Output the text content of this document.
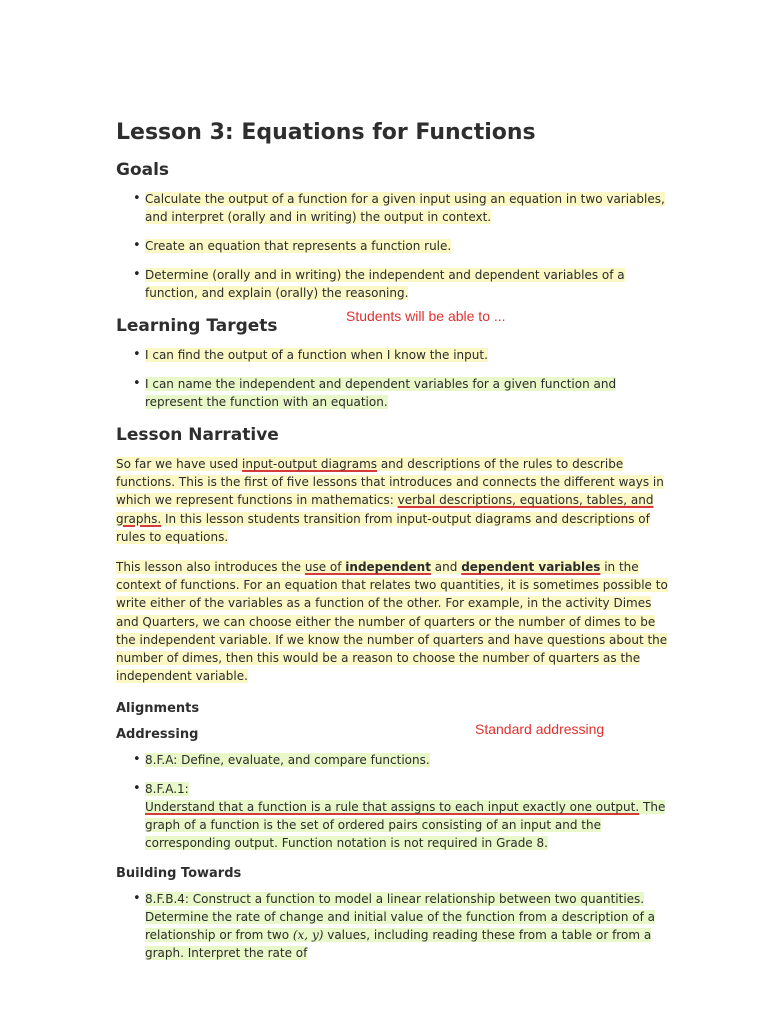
Lesson 3: Equations for Functions
Goals
• Calculate the output of a function for a given input using an equation in two variables, and interpret (orally and in writing) the output in context.
• Create an equation that represents a function rule.
• Determine (orally and in writing) the independent and dependent variables of a function, and explain (orally) the reasoning.
Learning Targets
• I can find the output of a function when I know the input.
• I can name the independent and dependent variables for a given function and represent the function with an equation.
Lesson Narrative

So far we have used input-output diagrams and descriptions of the rules to describe functions. This is the first of five lessons that introduces and connects the different ways in which we represent functions in mathematics: verbal descriptions, equations, tables, and graphs. In this lesson students transition from input-output diagrams and descriptions of rules to equations.

This lesson also introduces the use of independent and dependent variables in the context of functions. For an equation that relates two quantities, it is sometimes possible to write either of the variables as a function of the other. For example, in the activity Dimes and Quarters, we can choose either the number of quarters or the number of dimes to be the independent variable. If we know the number of quarters and have questions about the number of dimes, then this would be a reason to choose the number of quarters as the independent variable.

Alignments
Addressing
• 8.F.A: Define, evaluate, and compare functions.
• 8.F.A.1:
Understand that a function is a rule that assigns to each input exactly one output. The graph of a function is the set of ordered pairs consisting of an input and the corresponding output. Function notation is not required in Grade 8.
Building Towards
• 8.F.B.4: Construct a function to model a linear relationship between two quantities. Determine the rate of change and initial value of the function from a description of a relationship or from two (x, y) values, including reading these from a table or from a graph. Interpret the rate of
Students will be able to ...
Standard addressing
